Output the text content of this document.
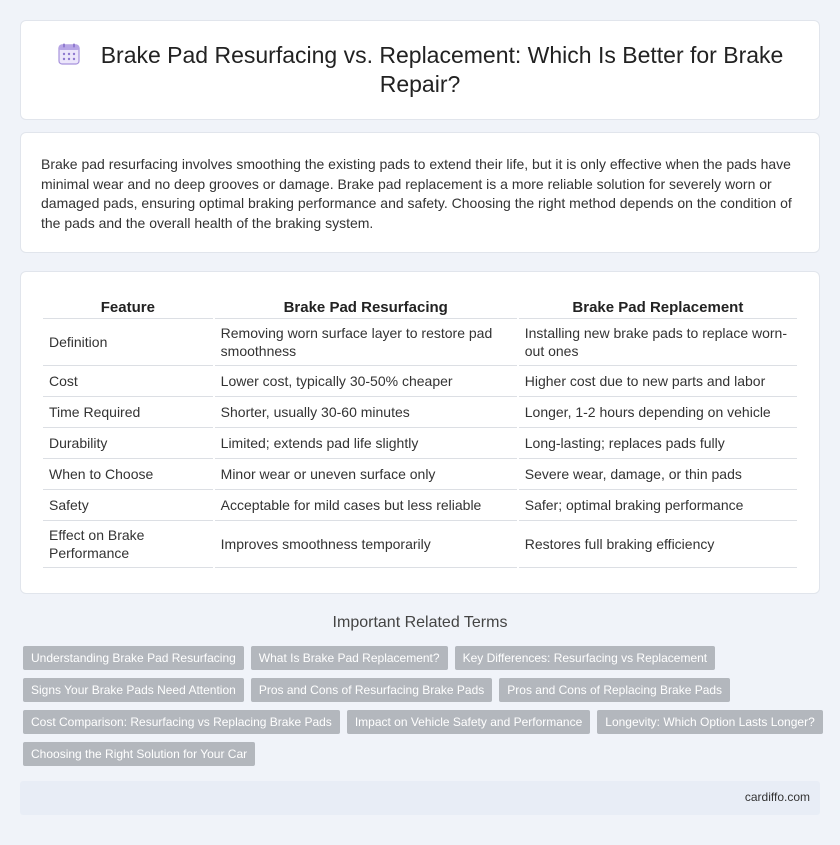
Brake Pad Resurfacing vs. Replacement: Which Is Better for Brake Repair?

Brake pad resurfacing involves smoothing the existing pads to extend their life, but it is only effective when the pads have minimal wear and no deep grooves or damage. Brake pad replacement is a more reliable solution for severely worn or damaged pads, ensuring optimal braking performance and safety. Choosing the right method depends on the condition of the pads and the overall health of the braking system.

Feature	Brake Pad Resurfacing	Brake Pad Replacement
Definition	Removing worn surface layer to restore pad smoothness	Installing new brake pads to replace worn-out ones
Cost	Lower cost, typically 30-50% cheaper	Higher cost due to new parts and labor
Time Required	Shorter, usually 30-60 minutes	Longer, 1-2 hours depending on vehicle
Durability	Limited; extends pad life slightly	Long-lasting; replaces pads fully
When to Choose	Minor wear or uneven surface only	Severe wear, damage, or thin pads
Safety	Acceptable for mild cases but less reliable	Safer; optimal braking performance
Effect on Brake Performance	Improves smoothness temporarily	Restores full braking efficiency
Important Related Terms
Understanding Brake Pad Resurfacing	What Is Brake Pad Replacement?	Key Differences: Resurfacing vs Replacement
Signs Your Brake Pads Need Attention	Pros and Cons of Resurfacing Brake Pads	Pros and Cons of Replacing Brake Pads
Cost Comparison: Resurfacing vs Replacing Brake Pads	Impact on Vehicle Safety and Performance	Longevity: Which Option Lasts Longer?
Choosing the Right Solution for Your Car
cardiffo.com
